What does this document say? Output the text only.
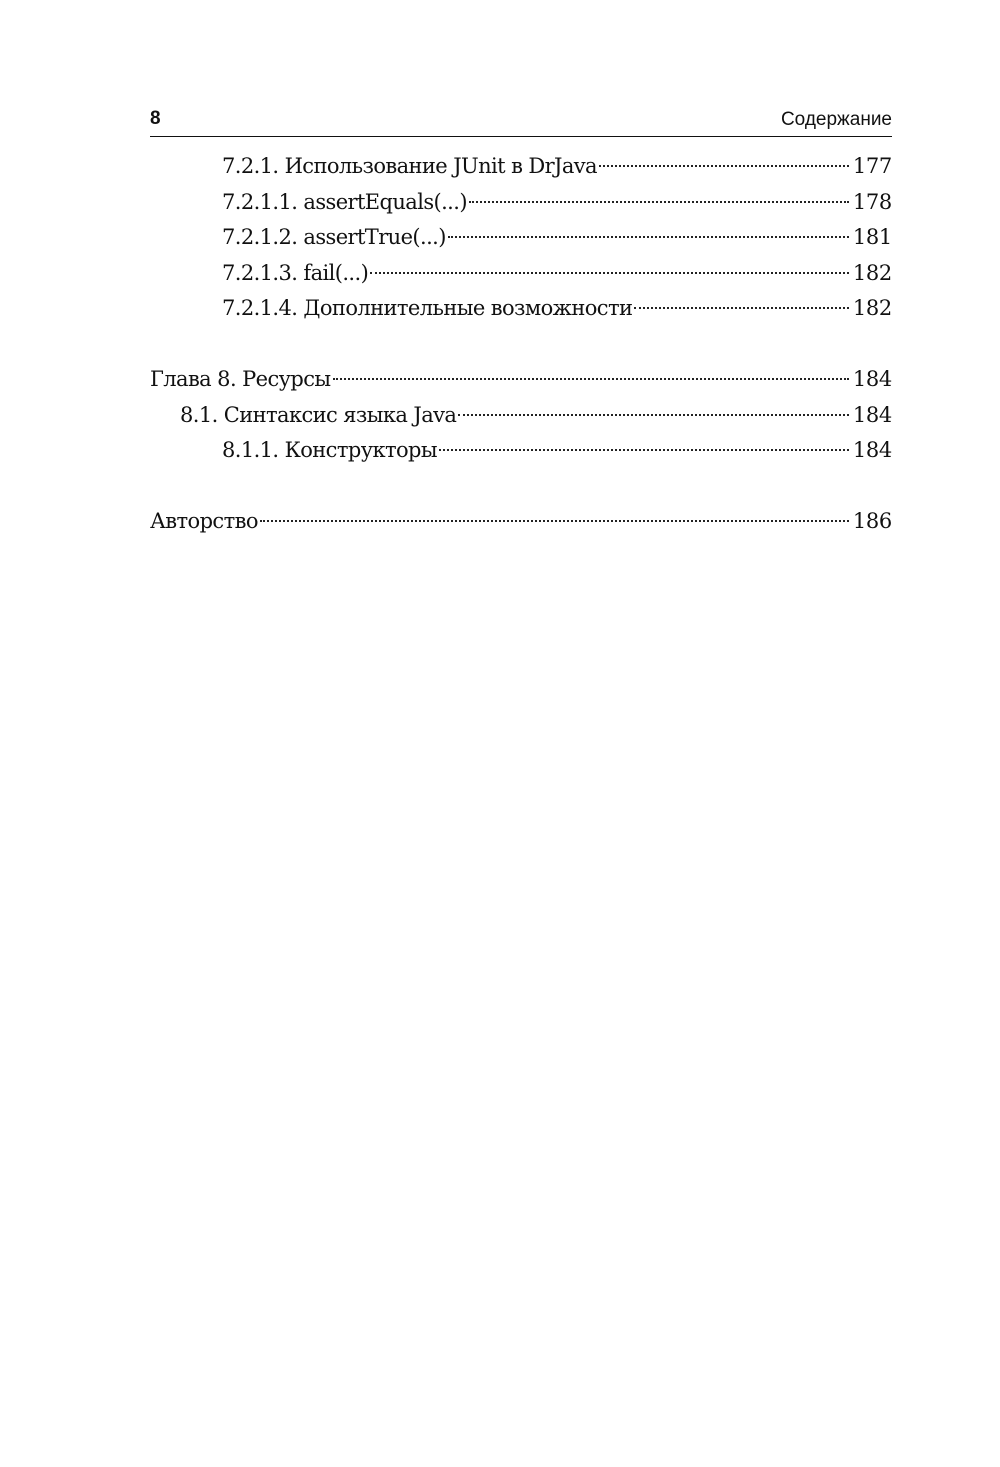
8	Содержание
7.2.1. Использование JUnit в DrJava	177
7.2.1.1. assertEquals(...)	178
7.2.1.2. assertTrue(...)	181
7.2.1.3. fail(...)	182
7.2.1.4. Дополнительные возможности	182
Глава 8. Ресурсы	184
8.1. Синтаксис языка Java	184
8.1.1. Конструкторы	184
Авторство	186
